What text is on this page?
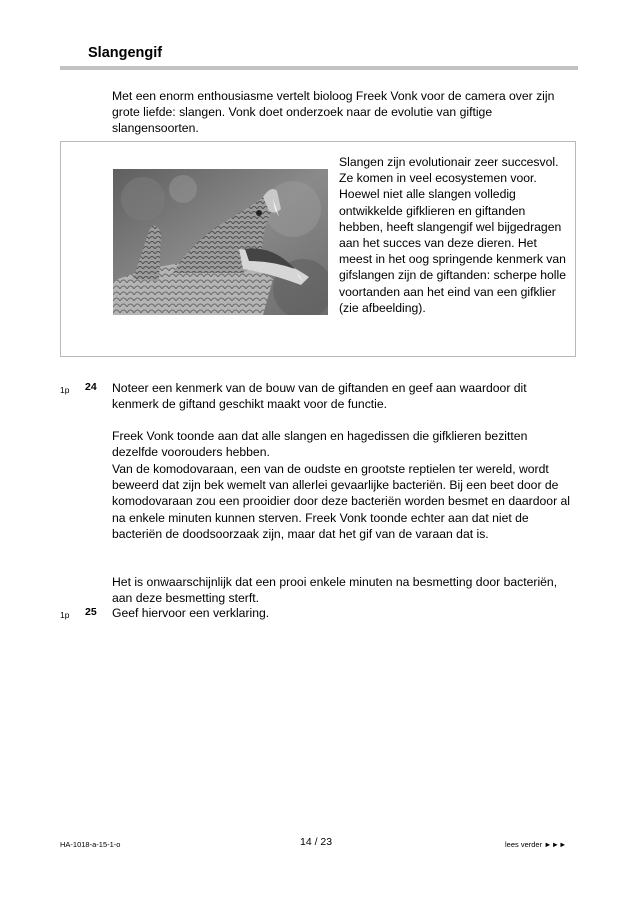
Slangengif

Met een enorm enthousiasme vertelt bioloog Freek Vonk voor de camera over zijn grote liefde: slangen. Vonk doet onderzoek naar de evolutie van giftige slangensoorten.

Slangen zijn evolutionair zeer succesvol. Ze komen in veel ecosystemen voor. Hoewel niet alle slangen volledig ontwikkelde gifklieren en giftanden hebben, heeft slangengif wel bijgedragen aan het succes van deze dieren. Het meest in het oog springende kenmerk van gifslangen zijn de giftanden: scherpe holle voortanden aan het eind van een gifklier (zie afbeelding).

1p 24 Noteer een kenmerk van de bouw van de giftanden en geef aan waardoor dit kenmerk de giftand geschikt maakt voor de functie.

Freek Vonk toonde aan dat alle slangen en hagedissen die gifklieren bezitten dezelfde voorouders hebben.

Van de komodovaraan, een van de oudste en grootste reptielen ter wereld, wordt beweerd dat zijn bek wemelt van allerlei gevaarlijke bacteriën. Bij een beet door de komodovaraan zou een prooidier door deze bacteriën worden besmet en daardoor al na enkele minuten kunnen sterven. Freek Vonk toonde echter aan dat niet de bacteriën de doodsoorzaak zijn, maar dat het gif van de varaan dat is.

Het is onwaarschijnlijk dat een prooi enkele minuten na besmetting door bacteriën, aan deze besmetting sterft.

1p 25 Geef hiervoor een verklaring.

HA-1018-a-15-1-o	14 / 23	lees verder ►►►
